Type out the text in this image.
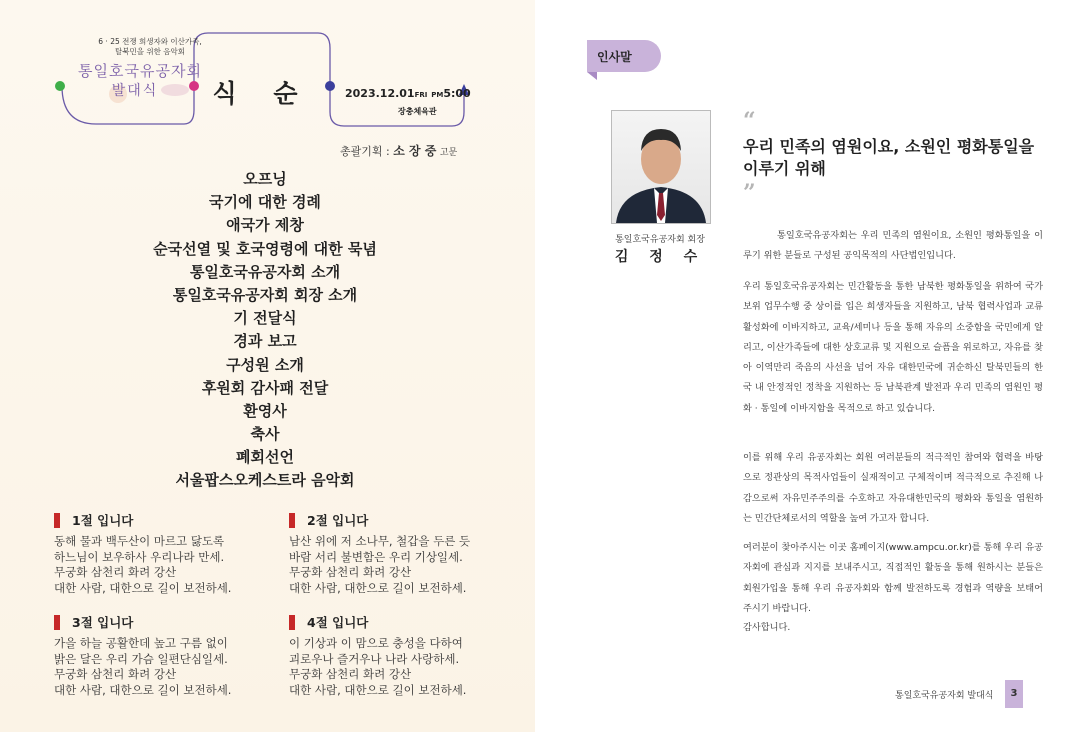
6 · 25 전쟁 희생자와 이산가족,
탈북민을 위한 음악회
통일호국유공자회
발대식	식 순	2023.12.01FRI PM5:00
장충체육관
총괄기획 : 소 장 중 고문
오프닝
국기에 대한 경례
애국가 제창
순국선열 및 호국영령에 대한 묵념
통일호국유공자회 소개
통일호국유공자회 회장 소개
기 전달식
경과 보고
구성원 소개
후원회 감사패 전달
환영사
축사
폐회선언
서울팝스오케스트라 음악회
1절 입니다
동해 물과 백두산이 마르고 닳도록
하느님이 보우하사 우리나라 만세.
무궁화 삼천리 화려 강산
대한 사람, 대한으로 길이 보전하세.
2절 입니다
남산 위에 저 소나무, 철갑을 두른 듯
바람 서리 불변함은 우리 기상일세.
무궁화 삼천리 화려 강산
대한 사람, 대한으로 길이 보전하세.
3절 입니다
가을 하늘 공활한데 높고 구름 없이
밝은 달은 우리 가슴 일편단심일세.
무궁화 삼천리 화려 강산
대한 사람, 대한으로 길이 보전하세.
4절 입니다
이 기상과 이 맘으로 충성을 다하여
괴로우나 즐거우나 나라 사랑하세.
무궁화 삼천리 화려 강산
대한 사람, 대한으로 길이 보전하세.
인사말
통일호국유공자회 회장
김 정 수
“
우리 민족의 염원이요, 소원인 평화통일을 이루기 위해
”
통일호국유공자회는 우리 민족의 염원이요, 소원인 평화통일을 이루기 위한 분들로 구성된 공익목적의 사단법인입니다.
우리 통일호국유공자회는 민간활동을 통한 남북한 평화통일을 위하여 국가 보위 업무수행 중 상이를 입은 희생자들을 지원하고, 남북 협력사업과 교류 활성화에 이바지하고, 교육/세미나 등을 통해 자유의 소중함을 국민에게 알리고, 이산가족들에 대한 상호교류 및 지원으로 슬픔을 위로하고, 자유를 찾아 이역만리 죽음의 사선을 넘어 자유 대한민국에 귀순하신 탈북민들의 한국 내 안정적인 정착을 지원하는 등 남북관계 발전과 우리 민족의 염원인 평화 · 통일에 이바지함을 목적으로 하고 있습니다.
이를 위해 우리 유공자회는 회원 여러분들의 적극적인 참여와 협력을 바탕으로 정관상의 목적사업들이 실재적이고 구체적이며 적극적으로 추진해 나감으로써 자유민주주의를 수호하고 자유대한민국의 평화와 통일을 염원하는 민간단체로서의 역할을 높여 가고자 합니다.
여러분이 찾아주시는 이곳 홈페이지(www.ampcu.or.kr)를 통해 우리 유공자회에 관심과 지지를 보내주시고, 직접적인 활동을 통해 원하시는 분들은 회원가입을 통해 우리 유공자회와 함께 발전하도록 경험과 역량을 보태어 주시기 바랍니다.
감사합니다.
통일호국유공자회 발대식	3
